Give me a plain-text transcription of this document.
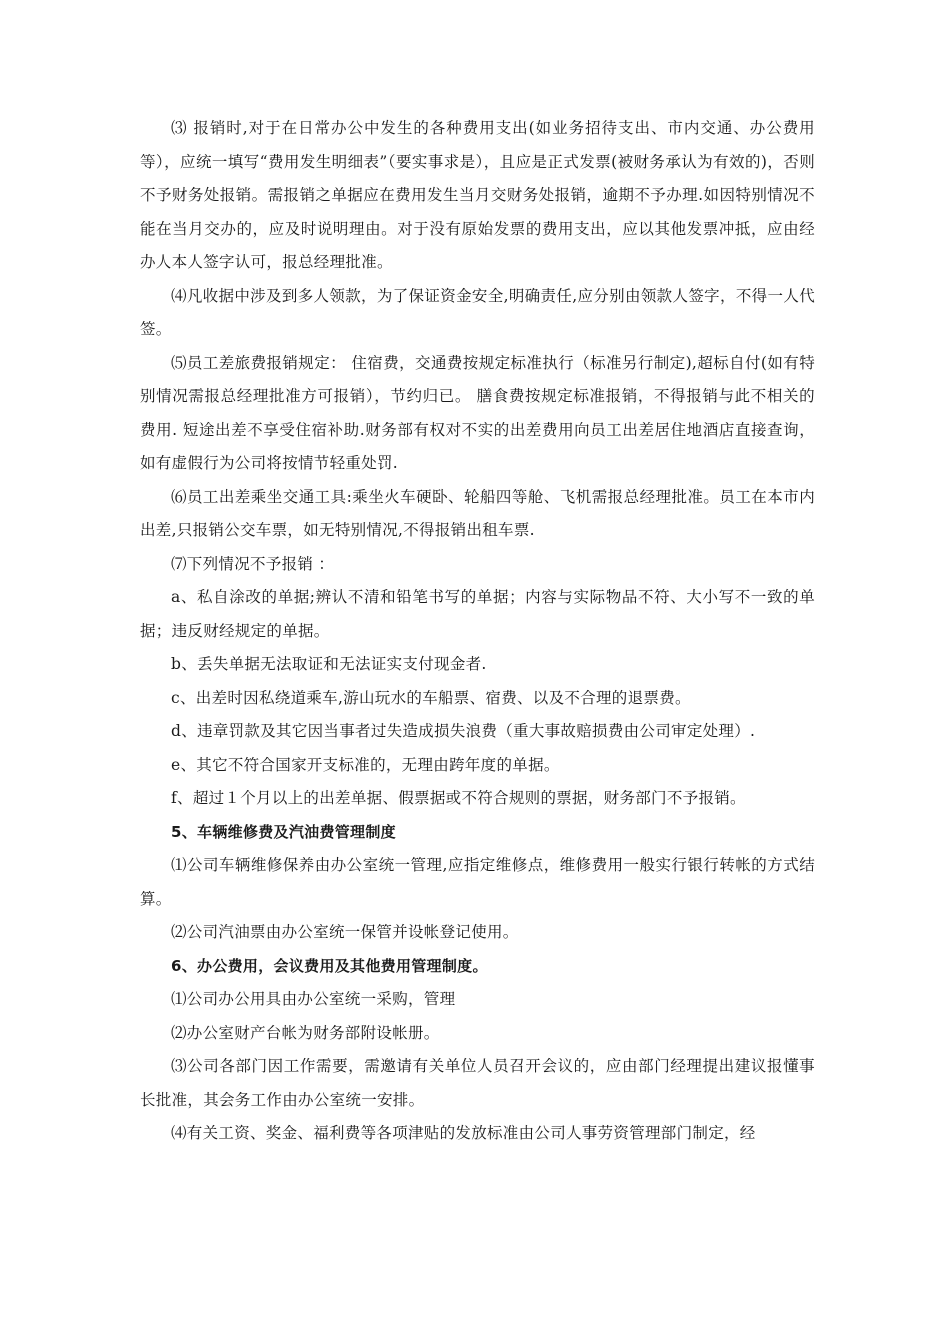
⑶ 报销时,对于在日常办公中发生的各种费用支出(如业务招待支出、市内交通、办公费用等），应统一填写“费用发生明细表”（要实事求是），且应是正式发票(被财务承认为有效的)，否则不予财务处报销。需报销之单据应在费用发生当月交财务处报销，逾期不予办理.如因特别情况不能在当月交办的，应及时说明理由。对于没有原始发票的费用支出，应以其他发票冲抵，应由经办人本人签字认可，报总经理批准。

⑷凡收据中涉及到多人领款，为了保证资金安全,明确责任,应分别由领款人签字，不得一人代签。

⑸员工差旅费报销规定： 住宿费，交通费按规定标准执行（标准另行制定),超标自付(如有特别情况需报总经理批准方可报销），节约归已。 膳食费按规定标准报销，不得报销与此不相关的费用. 短途出差不享受住宿补助.财务部有权对不实的出差费用向员工出差居住地酒店直接查询，如有虚假行为公司将按情节轻重处罚.

⑹员工出差乘坐交通工具:乘坐火车硬卧、轮船四等舱、飞机需报总经理批准。员工在本市内出差,只报销公交车票，如无特别情况,不得报销出租车票.

⑺下列情况不予报销 ：

a、私自涂改的单据;辨认不清和铅笔书写的单据；内容与实际物品不符、大小写不一致的单据；违反财经规定的单据。

b、丢失单据无法取证和无法证实支付现金者.

c、出差时因私绕道乘车,游山玩水的车船票、宿费、以及不合理的退票费。

d、违章罚款及其它因当事者过失造成损失浪费（重大事故赔损费由公司审定处理）.

e、其它不符合国家开支标准的，无理由跨年度的单据。

f、超过１个月以上的出差单据、假票据或不符合规则的票据，财务部门不予报销。

5、车辆维修费及汽油费管理制度

⑴公司车辆维修保养由办公室统一管理,应指定维修点，维修费用一般实行银行转帐的方式结算。

⑵公司汽油票由办公室统一保管并设帐登记使用。

6、办公费用，会议费用及其他费用管理制度。

⑴公司办公用具由办公室统一采购，管理

⑵办公室财产台帐为财务部附设帐册。

⑶公司各部门因工作需要，需邀请有关单位人员召开会议的，应由部门经理提出建议报懂事长批准，其会务工作由办公室统一安排。

⑷有关工资、奖金、福利费等各项津贴的发放标准由公司人事劳资管理部门制定，经
